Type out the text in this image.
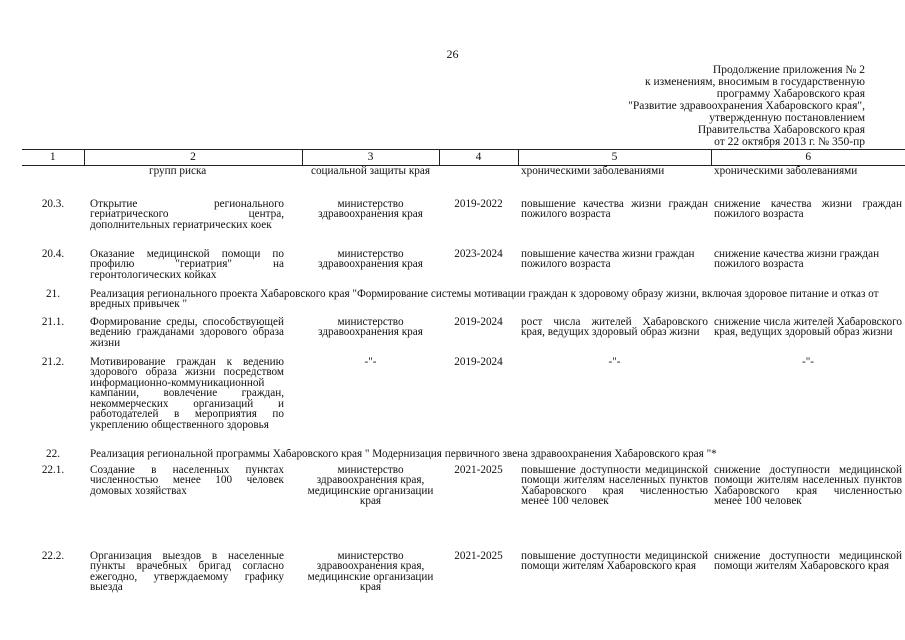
26
Продолжение приложения № 2
к изменениям, вносимым в государственную
программу Хабаровского края
"Развитие здравоохранения Хабаровского края",
утвержденную постановлением
Правительства Хабаровского края
от 22 октября 2013 г. № 350-пр
1	2	3	4	5	6
	групп риска	социальной защиты края		хроническими заболеваниями	хроническими заболеваниями
20.3.	Открытие регионального гериатрического центра, дополнительных гериатрических коек	министерство здравоохранения края	2019-2022	повышение качества жизни граждан пожилого возраста	снижение качества жизни граждан пожилого возраста
20.4.	Оказание медицинской помощи по профилю "гериатрия" на геронтологических койках	министерство здравоохранения края	2023-2024	повышение качества жизни граждан пожилого возраста	снижение качества жизни граждан пожилого возраста
21.	Реализация регионального проекта Хабаровского края "Формирование системы мотивации граждан к здоровому образу жизни, включая здоровое питание и отказ от вредных привычек "				
21.1.	Формирование среды, способствующей ведению гражданами здорового образа жизни	министерство здравоохранения края	2019-2024	рост числа жителей Хабаровского края, ведущих здоровый образ жизни	снижение числа жителей Хабаровского края, ведущих здоровый образ жизни
21.2.	Мотивирование граждан к ведению здорового образа жизни посредством информационно-коммуникационной кампании, вовлечение граждан, некоммерческих организаций и работодателей в мероприятия по укреплению общественного здоровья	-"-	2019-2024	-"-	-"-
22.	Реализация региональной программы Хабаровского края " Модернизация первичного звена здравоохранения Хабаровского края "*				
22.1.	Создание в населенных пунктах численностью менее 100 человек домовых хозяйствах	министерство здравоохранения края, медицинские организации края	2021-2025	повышение доступности медицинской помощи жителям населенных пунктов Хабаровского края численностью менее 100 человек	снижение доступности медицинской помощи жителям населенных пунктов Хабаровского края численностью менее 100 человек
22.2.	Организация выездов в населенные пункты врачебных бригад согласно ежегодно, утверждаемому графику выезда	министерство здравоохранения края, медицинские организации края	2021-2025	повышение доступности медицинской помощи жителям Хабаровского края	снижение доступности медицинской помощи жителям Хабаровского края
